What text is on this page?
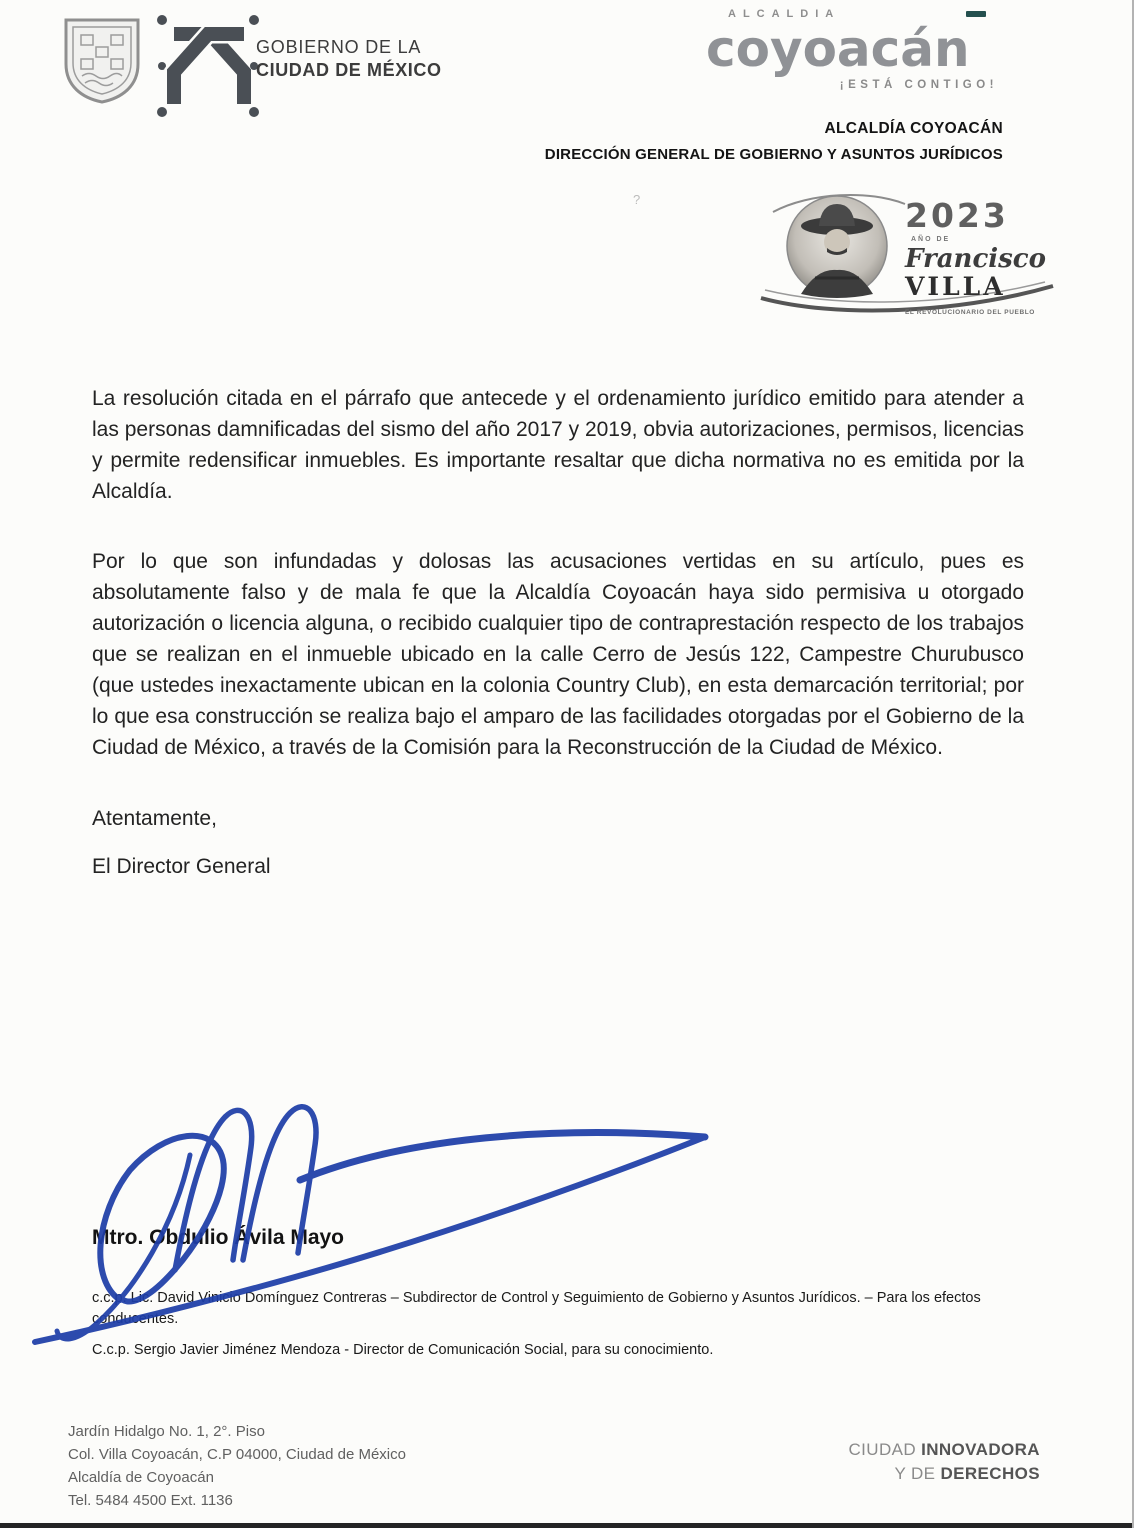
GOBIERNO DE LA
CIUDAD DE MÉXICO
ALCALDIA
coyoacán
¡ESTÁ CONTIGO!
ALCALDÍA COYOACÁN
DIRECCIÓN GENERAL DE GOBIERNO Y ASUNTOS JURÍDICOS
?	2023
AÑO DE
Francisco
VILLA
EL REVOLUCIONARIO DEL PUEBLO

La resolución citada en el párrafo que antecede y el ordenamiento jurídico emitido para atender a las personas damnificadas del sismo del año 2017 y 2019, obvia autorizaciones, permisos, licencias y permite redensificar inmuebles. Es importante resaltar que dicha normativa no es emitida por la Alcaldía.

Por lo que son infundadas y dolosas las acusaciones vertidas en su artículo, pues es absolutamente falso y de mala fe que la Alcaldía Coyoacán haya sido permisiva u otorgado autorización o licencia alguna, o recibido cualquier tipo de contraprestación respecto de los trabajos que se realizan en el inmueble ubicado en la calle Cerro de Jesús 122, Campestre Churubusco (que ustedes inexactamente ubican en la colonia Country Club), en esta demarcación territorial; por lo que esa construcción se realiza bajo el amparo de las facilidades otorgadas por el Gobierno de la Ciudad de México, a través de la Comisión para la Reconstrucción de la Ciudad de México.

Atentamente,

El Director General

Mtro. Obdulio Ávila Mayo
c.c.p. Lic. David Vinicio Domínguez Contreras – Subdirector de Control y Seguimiento de Gobierno y Asuntos Jurídicos. – Para los efectos conducentes.
C.c.p. Sergio Javier Jiménez Mendoza - Director de Comunicación Social, para su conocimiento.
Jardín Hidalgo No. 1, 2°. Piso
Col. Villa Coyoacán, C.P 04000, Ciudad de México
Alcaldía de Coyoacán
Tel. 5484 4500 Ext. 1136
CIUDAD INNOVADORA
Y DE DERECHOS
